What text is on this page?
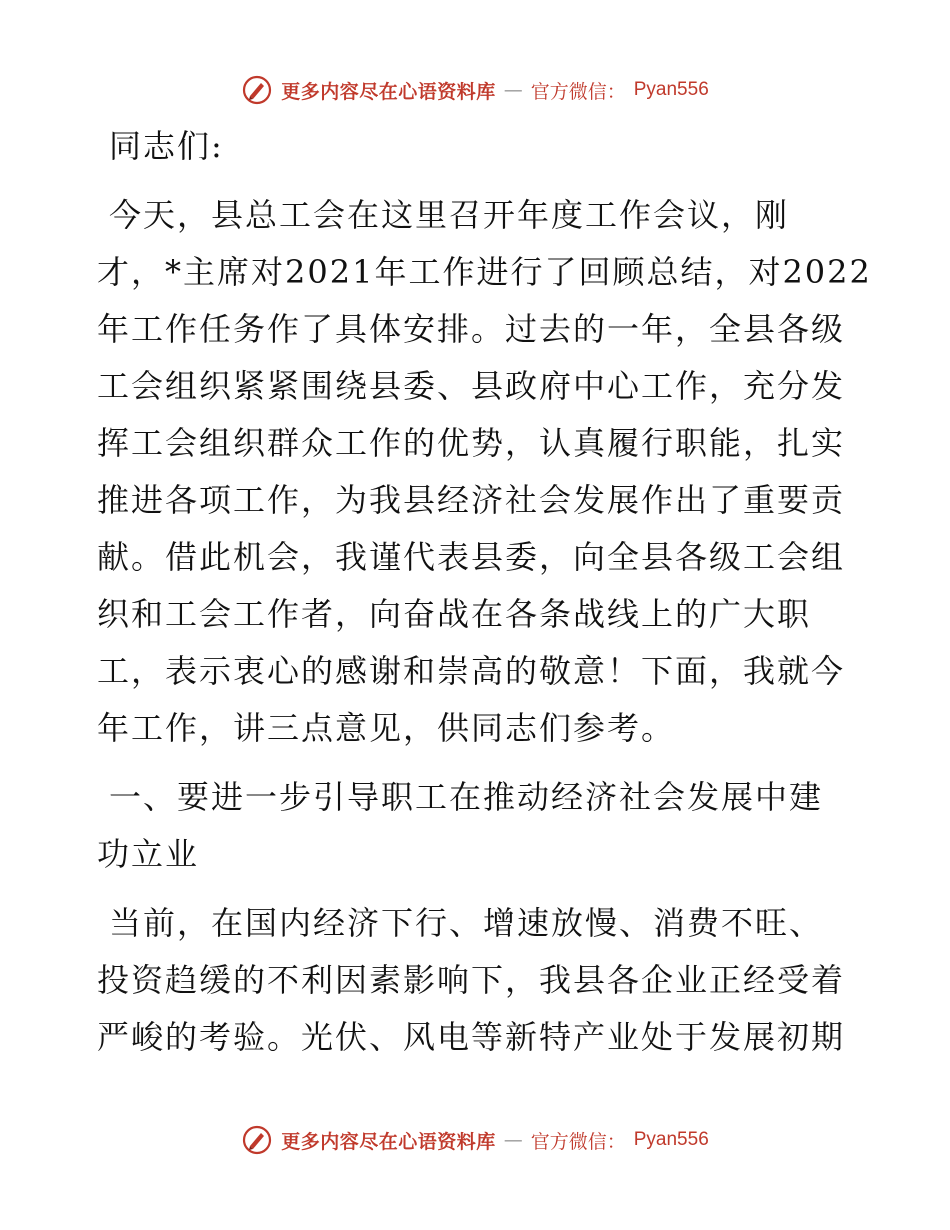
更多内容尽在心语资料库 — 官方微信： Pyan556

同志们:

今天，县总工会在这里召开年度工作会议，刚
才，*主席对2021年工作进行了回顾总结，对2022
年工作任务作了具体安排。过去的一年，全县各级
工会组织紧紧围绕县委、县政府中心工作，充分发
挥工会组织群众工作的优势，认真履行职能，扎实
推进各项工作，为我县经济社会发展作出了重要贡
献。借此机会，我谨代表县委，向全县各级工会组
织和工会工作者，向奋战在各条战线上的广大职
工，表示衷心的感谢和崇高的敬意！下面，我就今
年工作，讲三点意见，供同志们参考。

一、要进一步引导职工在推动经济社会发展中建
功立业

当前，在国内经济下行、增速放慢、消费不旺、
投资趋缓的不利因素影响下，我县各企业正经受着
严峻的考验。光伏、风电等新特产业处于发展初期

更多内容尽在心语资料库 — 官方微信： Pyan556
